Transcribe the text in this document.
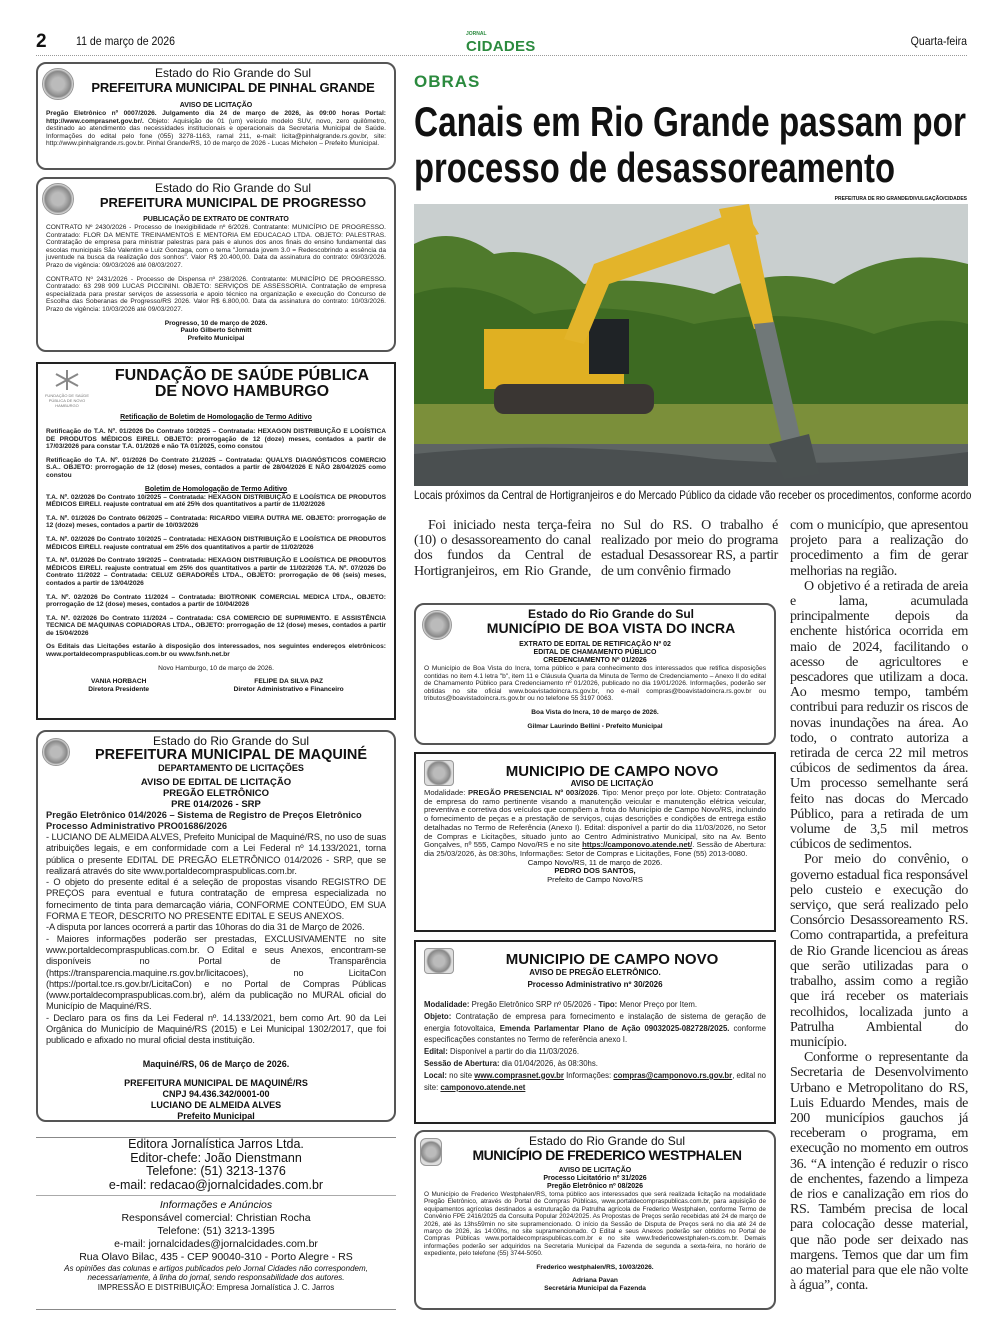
2 11 de março de 2026	JORNAL
CIDADES	Quarta-feira
Estado do Rio Grande do Sul
PREFEITURA MUNICIPAL DE PINHAL GRANDE
AVISO DE LICITAÇÃO
Pregão Eletrônico nº 0007/2026. Julgamento dia 24 de março de 2026, às 09:00 horas Portal: http://www.comprasnet.gov.br/. Objeto: Aquisição de 01 (um) veículo modelo SUV, novo, zero quilômetro, destinado ao atendimento das necessidades institucionais e operacionais da Secretaria Municipal de Saúde. Informações do edital pelo fone (055) 3278-1163, ramal 211, e-mail: licita@pinhalgrande.rs.gov.br, site: http://www.pinhalgrande.rs.gov.br. Pinhal Grande/RS, 10 de março de 2026 - Lucas Michelon – Prefeito Municipal.
Estado do Rio Grande do Sul
PREFEITURA MUNICIPAL DE PROGRESSO
PUBLICAÇÃO DE EXTRATO DE CONTRATO
CONTRATO Nº 2430/2026 - Processo de Inexigibilidade nº 6/2026. Contratante: MUNICÍPIO DE PROGRESSO. Contratado: FLOR DA MENTE TREINAMENTOS E MENTORIA EM EDUCACAO LTDA. OBJETO: PALESTRAS. Contratação de empresa para ministrar palestras para pais e alunos dos anos finais do ensino fundamental das escolas municipais São Valentim e Luiz Gonzaga, com o tema "Jornada jovem 3.0 = Redescobrindo a essência da juventude na busca da realização dos sonhos". Valor R$ 20.400,00. Data da assinatura do contrato: 09/03/2026. Prazo de vigência: 09/03/2026 até 08/03/2027.
CONTRATO Nº 2431/2026 - Processo de Dispensa nº 238/2026. Contratante: MUNICÍPIO DE PROGRESSO. Contratado: 63 298 909 LUCAS PICCININI. OBJETO: SERVIÇOS DE ASSESSORIA. Contratação de empresa especializada para prestar serviços de assessoria e apoio técnico na organização e execução do Concurso de Escolha das Soberanas de Progresso/RS 2026. Valor R$ 6.800,00. Data da assinatura do contrato: 10/03/2026. Prazo de vigência: 10/03/2026 até 09/03/2027.
Progresso, 10 de março de 2026.
Paulo Gilberto Schmitt
Prefeito Municipal
FUNDAÇÃO DE SAÚDE PÚBLICA DE NOVO HAMBURGO
FUNDAÇÃO DE SAÚDE PÚBLICA
DE NOVO HAMBURGO
Retificação de Boletim de Homologação de Termo Aditivo
Retificação do T.A. Nº. 01/2026 Do Contrato 10/2025 – Contratada: HEXAGON DISTRIBUIÇÃO E LOGÍSTICA DE PRODUTOS MÉDICOS EIRELI. OBJETO: prorrogação de 12 (doze) meses, contados a partir de 17/03/2026 para constar T.A. 01/2026 e não TA 01/2025, como constou
Retificação do T.A. Nº. 01/2026 Do Contrato 21/2025 – Contratada: QUALYS DIAGNÓSTICOS COMERCIO S.A.. OBJETO: prorrogação de 12 (dose) meses, contados a partir de 28/04/2026 E NÃO 28/04/2025 como constou
Boletim de Homologação de Termo Aditivo
T.A. Nº. 02/2026 Do Contrato 10/2025 – Contratada: HEXAGON DISTRIBUIÇÃO E LOGÍSTICA DE PRODUTOS MÉDICOS EIRELI. reajuste contratual em até 25% dos quantitativos a partir de 11/02/2026
T.A. Nº. 01/2026 Do Contrato 06/2025 – Contratada: RICARDO VIEIRA DUTRA ME. OBJETO: prorrogação de 12 (doze) meses, contados a partir de 10/03/2026
T.A. Nº. 02/2026 Do Contrato 10/2025 – Contratada: HEXAGON DISTRIBUIÇÃO E LOGÍSTICA DE PRODUTOS MÉDICOS EIRELI. reajuste contratual em 25% dos quantitativos a partir de 11/02/2026
T.A. Nº. 01/2026 Do Contrato 19/2025 – Contratada: HEXAGON DISTRIBUIÇÃO E LOGÍSTICA DE PRODUTOS MÉDICOS EIRELI. reajuste contratual em 25% dos quantitativos a partir de 11/02/2026 T.A. Nº. 07/2026 Do Contrato 11/2022 – Contratada: CELUZ GERADORES LTDA., OBJETO: prorrogação de 06 (seis) meses, contados a partir de 13/04/2026
T.A. Nº. 02/2026 Do Contrato 11/2024 – Contratada: BIOTRONIK COMERCIAL MEDICA LTDA., OBJETO: prorrogação de 12 (dose) meses, contados a partir de 10/04/2026
T.A. Nº. 02/2026 Do Contrato 11/2024 – Contratada: CSA COMERCIO DE SUPRIMENTO. E ASSISTÊNCIA TECNICA DE MAQUINAS COPIADORAS LTDA., OBJETO: prorrogação de 12 (dose) meses, contados a partir de 15/04/2026
Os Editais das Licitações estarão à disposição dos interessados, nos seguintes endereços eletrônicos: www.portaldecompraspublicas.com.br ou www.fsnh.net.br
Novo Hamburgo, 10 de março de 2026.
VANIA HORBACH
Diretora Presidente
FELIPE DA SILVA PAZ
Diretor Administrativo e Financeiro
Estado do Rio Grande do Sul
PREFEITURA MUNICIPAL DE MAQUINÉ
DEPARTAMENTO DE LICITAÇÕES
AVISO DE EDITAL DE LICITAÇÃO
PREGÃO ELETRÔNICO
PRE 014/2026 - SRP
Pregão Eletrônico 014/2026 – Sistema de Registro de Preços Eletrônico
Processo Administrativo PRO01686/2026
- LUCIANO DE ALMEIDA ALVES, Prefeito Municipal de Maquiné/RS, no uso de suas atribuições legais, e em conformidade com a Lei Federal nº 14.133/2021, torna pública o presente EDITAL DE PREGÃO ELETRÔNICO 014/2026 - SRP, que se realizará através do site www.portaldecompraspublicas.com.br.
- O objeto do presente edital é a seleção de propostas visando REGISTRO DE PREÇOS para eventual e futura contratação de empresa especializada no fornecimento de tinta para demarcação viária, CONFORME CONTEÚDO, EM SUA FORMA E TEOR, DESCRITO NO PRESENTE EDITAL E SEUS ANEXOS.
-A disputa por lances ocorrerá a partir das 10horas do dia 31 de Março de 2026.
- Maiores informações poderão ser prestadas, EXCLUSIVAMENTE no site www.portaldecompraspublicas.com.br. O Edital e seus Anexos, encontram-se disponíveis no Portal de Transparência (https://transparencia.maquine.rs.gov.br/licitacoes), no LicitaCon (https://portal.tce.rs.gov.br/LicitaCon) e no Portal de Compras Públicas (www.portaldecompraspublicas.com.br), além da publicação no MURAL oficial do Município de Maquiné/RS.
- Declaro para os fins da Lei Federal nº. 14.133/2021, bem como Art. 90 da Lei Orgânica do Município de Maquiné/RS (2015) e Lei Municipal 1302/2017, que foi publicado e afixado no mural oficial desta instituição.
Maquiné/RS, 06 de Março de 2026.
PREFEITURA MUNICIPAL DE MAQUINÉ/RS
CNPJ 94.436.342/0001-00
LUCIANO DE ALMEIDA ALVES
Prefeito Municipal
Editora Jornalística Jarros Ltda.
Editor-chefe: João Dienstmann
Telefone: (51) 3213-1376
e-mail: redacao@jornalcidades.com.br
Informações e Anúncios
Responsável comercial: Christian Rocha
Telefone: (51) 3213-1395
e-mail: jornalcidades@jornalcidades.com.br
Rua Olavo Bilac, 435 - CEP 90040-310 - Porto Alegre - RS
As opiniões das colunas e artigos publicados pelo Jornal Cidades não correspondem, necessariamente, à linha do jornal, sendo responsabilidade dos autores.
IMPRESSÃO E DISTRIBUIÇÃO: Empresa Jornalística J. C. Jarros
OBRAS
Canais em Rio Grande passam por
processo de desassoreamento
PREFEITURA DE RIO GRANDE/DIVULGAÇÃO/CIDADES
Locais próximos da Central de Hortigranjeiros e do Mercado Público da cidade vão receber os procedimentos, conforme acordo

Foi iniciado nesta terça-feira (10) o desassoreamento do canal dos fundos da Central de Hortigranjeiros, em Rio Grande, no Sul do RS. O trabalho é realizado por meio do programa estadual Desassorear RS, a partir de um convênio firmado

com o município, que apresentou projeto para a realização do procedimento a fim de gerar melhorias na região.

O objetivo é a retirada de areia e lama, acumulada principalmente depois da enchente histórica ocorrida em maio de 2024, facilitando o acesso de agricultores e pescadores que utilizam a doca. Ao mesmo tempo, também contribui para reduzir os riscos de novas inundações na área. Ao todo, o contrato autoriza a retirada de cerca 22 mil metros cúbicos de sedimentos da área. Um processo semelhante será feito nas docas do Mercado Público, para a retirada de um volume de 3,5 mil metros cúbicos de sedimentos.

Por meio do convênio, o governo estadual fica responsável pelo custeio e execução do serviço, que será realizado pelo Consórcio Desassoreamento RS. Como contrapartida, a prefeitura de Rio Grande licenciou as áreas que serão utilizadas para o trabalho, assim como a região que irá receber os materiais recolhidos, localizada junto a Patrulha Ambiental do município.

Conforme o representante da Secretaria de Desenvolvimento Urbano e Metropolitano do RS, Luis Eduardo Mendes, mais de 200 municípios gauchos já receberam o programa, em execução no momento em outros 36. “A intenção é reduzir o risco de enchentes, fazendo a limpeza de rios e canalização em rios do RS. Também precisa de local para colocação desse material, que não pode ser deixado nas margens. Temos que dar um fim ao material para que ele não volte à água”, conta.

Estado do Rio Grande do Sul
MUNICÍPIO DE BOA VISTA DO INCRA
EXTRATO DE EDITAL DE RETIFICAÇÃO Nº 02
EDITAL DE CHAMAMENTO PÚBLICO
CREDENCIAMENTO Nº 01/2026
O Município de Boa Vista do Incra, torna público e para conhecimento dos interessados que retifica disposições contidas no item 4.1 letra "b", item 11 e Cláusula Quarta da Minuta de Termo de Credenciamento – Anexo II do edital de Chamamento Público para Credenciamento nº 01/2026, publicado no dia 19/01/2026. Informações, poderão ser obtidas no site oficial www.boavistadoincra.rs.gov.br, no e-mail compras@boavistadoincra.rs.gov.br ou tributos@boavistadoincra.rs.gov.br ou no telefone 55 3197 0063.
Boa Vista do Incra, 10 de março de 2026.
Gilmar Laurindo Bellini - Prefeito Municipal
MUNICIPIO DE CAMPO NOVO
AVISO DE LICITAÇÃO
Modalidade: PREGÃO PRESENCIAL Nº 003/2026. Tipo: Menor preço por lote. Objeto: Contratação de empresa do ramo pertinente visando a manutenção veicular e manutenção elétrica veicular, preventiva e corretiva dos veículos que compõem a frota do Município de Campo Novo/RS, incluindo o fornecimento de peças e a prestação de serviços, cujas descrições e condições de entrega estão detalhadas no Termo de Referência (Anexo I). Edital: disponível a partir do dia 11/03/2026, no Setor de Compras e Licitações, situado junto ao Centro Administrativo Municipal, sito na Av. Bento Gonçalves, nº 555, Campo Novo/RS e no site https://camponovo.atende.net/. Sessão de Abertura: dia 25/03/2026, às 08:30hs, Informações: Setor de Compras e Licitações, Fone (55) 2013-0080.
Campo Novo/RS, 11 de março de 2026.
PEDRO DOS SANTOS,
Prefeito de Campo Novo/RS
MUNICIPIO DE CAMPO NOVO
AVISO DE PREGÃO ELETRÔNICO.
Processo Administrativo nº 30/2026
Modalidade: Pregão Eletrônico SRP nº 05/2026 - Tipo: Menor Preço por Item.
Objeto: Contratação de empresa para fornecimento e instalação de sistema de geração de energia fotovoltaica, Emenda Parlamentar Plano de Ação 09032025-082728/2025. conforme especificações constantes no Termo de referência anexo I.
Edital: Disponível a partir do dia 11/03/2026.
Sessão de Abertura: dia 01/04/2026, às 08:30hs.
Local: no site www.comprasnet.gov.br Informações: compras@camponovo.rs.gov.br, edital no site: camponovo.atende.net
Estado do Rio Grande do Sul
MUNICÍPIO DE FREDERICO WESTPHALEN
AVISO DE LICITAÇÃO
Processo Licitatório nº 31/2026
Pregão Eletrônico nº 08/2026
O Município de Frederico Westphalen/RS, torna público aos interessados que será realizada licitação na modalidade Pregão Eletrônico, através do Portal de Compras Públicas, www.portaldecompraspublicas.com.br, para aquisição de equipamentos agrícolas destinados a estruturação da Patrulha agrícola de Frederico Westphalen, conforme Termo de Convênio FPE 2416/2025 da Consulta Popular 2024/2025. As Propostas de Preços serão recebidas até 24 de março de 2026, até às 13hs59min no site supramencionado. O início da Sessão de Disputa de Preços será no dia até 24 de março de 2026, às 14:00hs, no site supramencionado. O Edital e seus Anexos poderão ser obtidos no Portal de Compras Públicas www.portaldecompraspublicas.com.br e no site www.fredericowestphalen-rs.com.br. Demais informações poderão ser adquiridos na Secretaria Municipal da Fazenda de segunda a sexta-feira, no horário de expediente, pelo telefone (55) 3744-5050.
Frederico westphalen/RS, 10/03/2026.
Adriana Pavan
Secretária Municipal da Fazenda
